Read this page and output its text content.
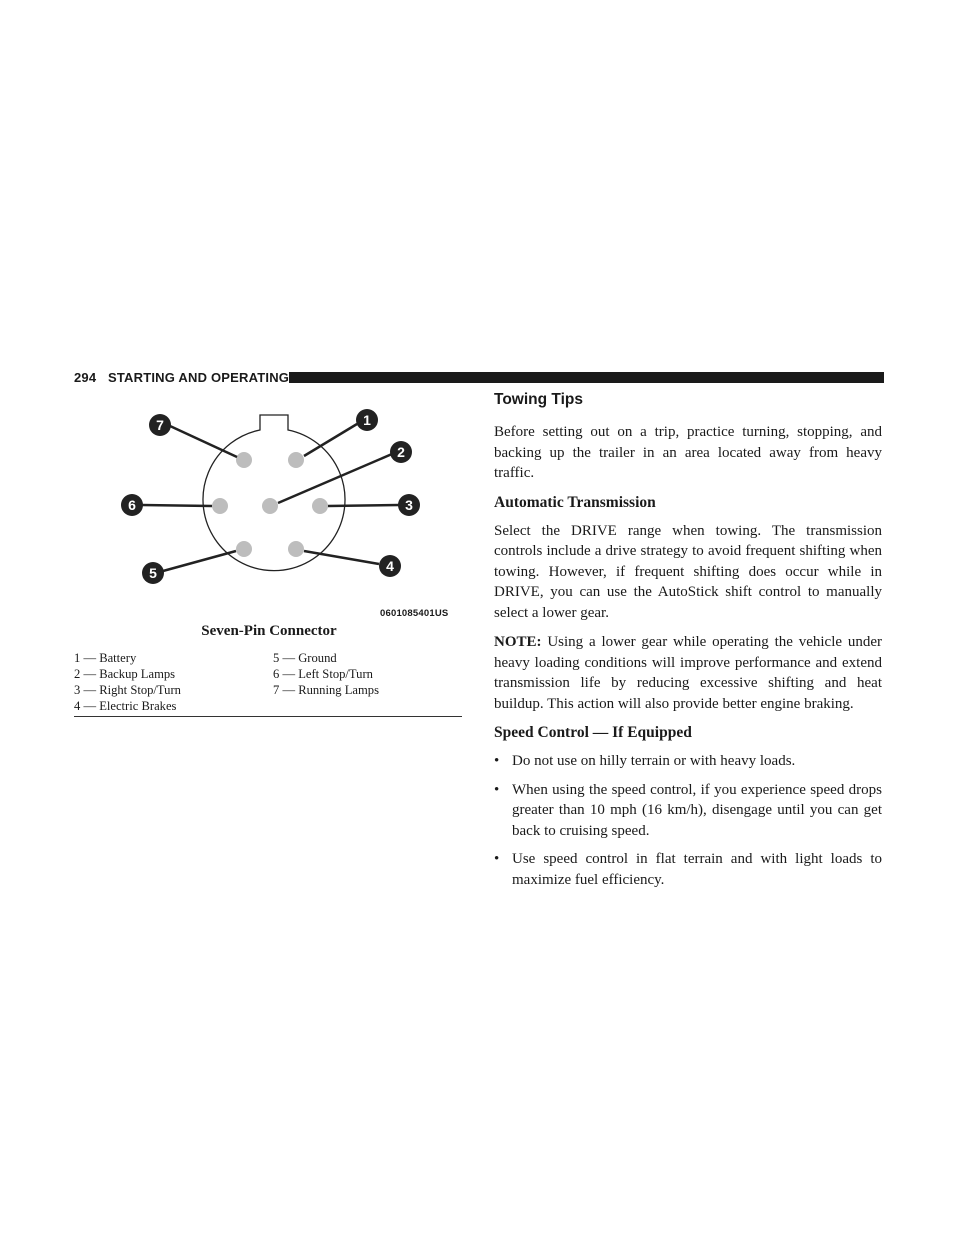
294 STARTING AND OPERATING
1
2
3
4
5
6
7
0601085401US
Seven-Pin Connector
1 — Battery
2 — Backup Lamps
3 — Right Stop/Turn
4 — Electric Brakes
5 — Ground
6 — Left Stop/Turn
7 — Running Lamps
Towing Tips

Before setting out on a trip, practice turning, stopping, and backing up the trailer in an area located away from heavy traffic.

Automatic Transmission

Select the DRIVE range when towing. The transmission controls include a drive strategy to avoid frequent shifting when towing. However, if frequent shifting does occur while in DRIVE, you can use the AutoStick shift control to manually select a lower gear.

NOTE: Using a lower gear while operating the vehicle under heavy loading conditions will improve performance and extend transmission life by reducing excessive shifting and heat buildup. This action will also provide better engine braking.

Speed Control — If Equipped
• Do not use on hilly terrain or with heavy loads.
• When using the speed control, if you experience speed drops greater than 10 mph (16 km/h), disengage until you can get back to cruising speed.
• Use speed control in flat terrain and with light loads to maximize fuel efficiency.
